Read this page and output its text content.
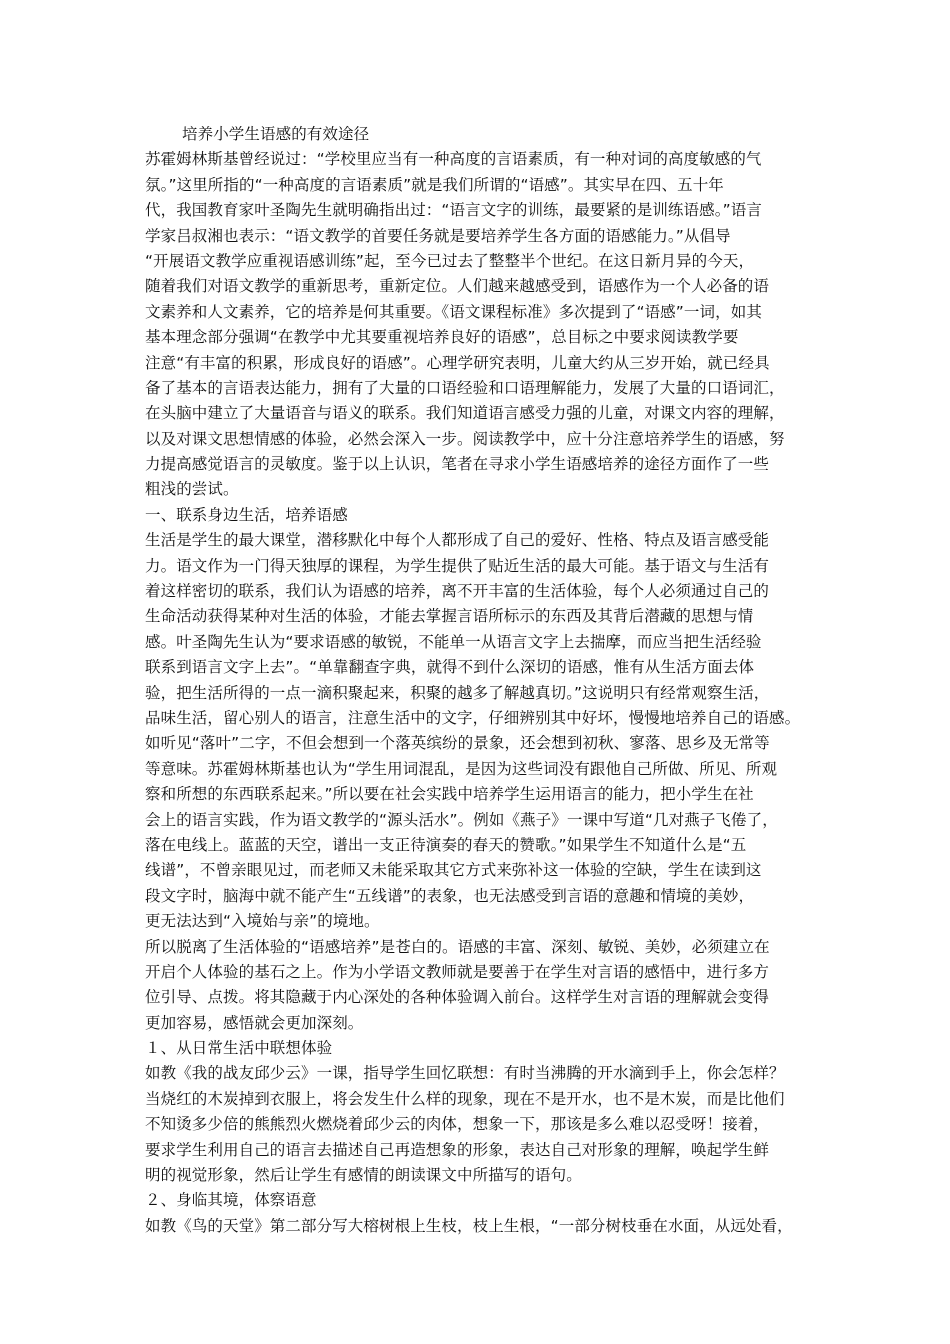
培养小学生语感的有效途径
苏霍姆林斯基曾经说过：“学校里应当有一种高度的言语素质，有一种对词的高度敏感的气
氛。”这里所指的“一种高度的言语素质”就是我们所谓的“语感”。其实早在四、五十年
代，我国教育家叶圣陶先生就明确指出过：“语言文字的训练，最要紧的是训练语感。”语言
学家吕叔湘也表示：“语文教学的首要任务就是要培养学生各方面的语感能力。”从倡导
“开展语文教学应重视语感训练”起，至今已过去了整整半个世纪。在这日新月异的今天，
随着我们对语文教学的重新思考，重新定位。人们越来越感受到，语感作为一个人必备的语
文素养和人文素养，它的培养是何其重要。《语文课程标准》多次提到了“语感”一词，如其
基本理念部分强调“在教学中尤其要重视培养良好的语感”，总目标之中要求阅读教学要
注意“有丰富的积累，形成良好的语感”。心理学研究表明，儿童大约从三岁开始，就已经具
备了基本的言语表达能力，拥有了大量的口语经验和口语理解能力，发展了大量的口语词汇，
在头脑中建立了大量语音与语义的联系。我们知道语言感受力强的儿童，对课文内容的理解，
以及对课文思想情感的体验，必然会深入一步。阅读教学中，应十分注意培养学生的语感，努
力提高感觉语言的灵敏度。鉴于以上认识，笔者在寻求小学生语感培养的途径方面作了一些
粗浅的尝试。
一、联系身边生活，培养语感
生活是学生的最大课堂，潜移默化中每个人都形成了自己的爱好、性格、特点及语言感受能
力。语文作为一门得天独厚的课程，为学生提供了贴近生活的最大可能。基于语文与生活有
着这样密切的联系，我们认为语感的培养，离不开丰富的生活体验，每个人必须通过自己的
生命活动获得某种对生活的体验，才能去掌握言语所标示的东西及其背后潜藏的思想与情
感。叶圣陶先生认为“要求语感的敏锐，不能单一从语言文字上去揣摩，而应当把生活经验
联系到语言文字上去”。“单靠翻查字典，就得不到什么深切的语感，惟有从生活方面去体
验，把生活所得的一点一滴积聚起来，积聚的越多了解越真切。”这说明只有经常观察生活，
品味生活，留心别人的语言，注意生活中的文字，仔细辨别其中好坏，慢慢地培养自己的语感。
如听见“落叶”二字，不但会想到一个落英缤纷的景象，还会想到初秋、寥落、思乡及无常等
等意味。苏霍姆林斯基也认为“学生用词混乱，是因为这些词没有跟他自己所做、所见、所观
察和所想的东西联系起来。”所以要在社会实践中培养学生运用语言的能力，把小学生在社
会上的语言实践，作为语文教学的“源头活水”。例如《燕子》一课中写道“几对燕子飞倦了，
落在电线上。蓝蓝的天空，谱出一支正待演奏的春天的赞歌。”如果学生不知道什么是“五
线谱”，不曾亲眼见过，而老师又未能采取其它方式来弥补这一体验的空缺，学生在读到这
段文字时，脑海中就不能产生“五线谱”的表象，也无法感受到言语的意趣和情境的美妙，
更无法达到“入境始与亲”的境地。
所以脱离了生活体验的“语感培养”是苍白的。语感的丰富、深刻、敏锐、美妙，必须建立在
开启个人体验的基石之上。作为小学语文教师就是要善于在学生对言语的感悟中，进行多方
位引导、点拨。将其隐藏于内心深处的各种体验调入前台。这样学生对言语的理解就会变得
更加容易，感悟就会更加深刻。
１、从日常生活中联想体验
如教《我的战友邱少云》一课，指导学生回忆联想：有时当沸腾的开水滴到手上，你会怎样？
当烧红的木炭掉到衣服上，将会发生什么样的现象，现在不是开水，也不是木炭，而是比他们
不知烫多少倍的熊熊烈火燃烧着邱少云的肉体，想象一下，那该是多么难以忍受呀！接着，
要求学生利用自己的语言去描述自己再造想象的形象，表达自己对形象的理解，唤起学生鲜
明的视觉形象，然后让学生有感情的朗读课文中所描写的语句。
２、身临其境，体察语意
如教《鸟的天堂》第二部分写大榕树根上生枝，枝上生根，“一部分树枝垂在水面，从远处看，
